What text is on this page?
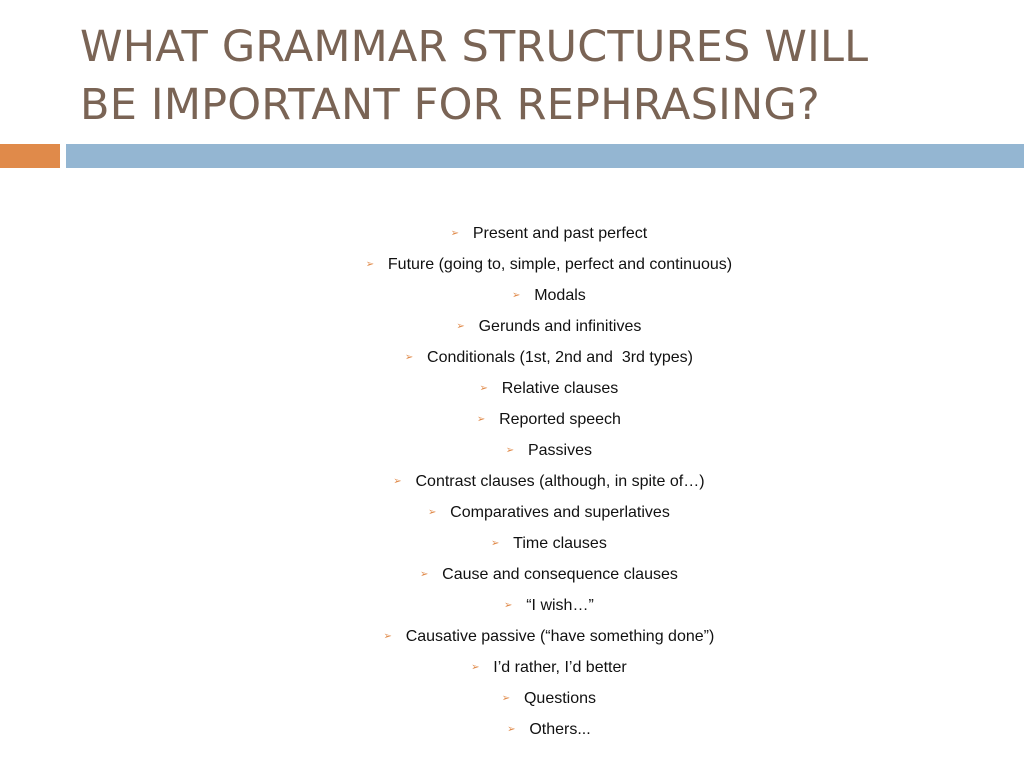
WHAT GRAMMAR STRUCTURES WILL
BE IMPORTANT FOR REPHRASING?
➢ Present and past perfect
➢ Future (going to, simple, perfect and continuous)
➢ Modals
➢ Gerunds and infinitives
➢ Conditionals (1st, 2nd and  3rd types)
➢ Relative clauses
➢ Reported speech
➢ Passives
➢ Contrast clauses (although, in spite of…)
➢ Comparatives and superlatives
➢ Time clauses
➢ Cause and consequence clauses
➢ “I wish…”
➢ Causative passive (“have something done”)
➢ I’d rather, I’d better
➢ Questions
➢ Others...
